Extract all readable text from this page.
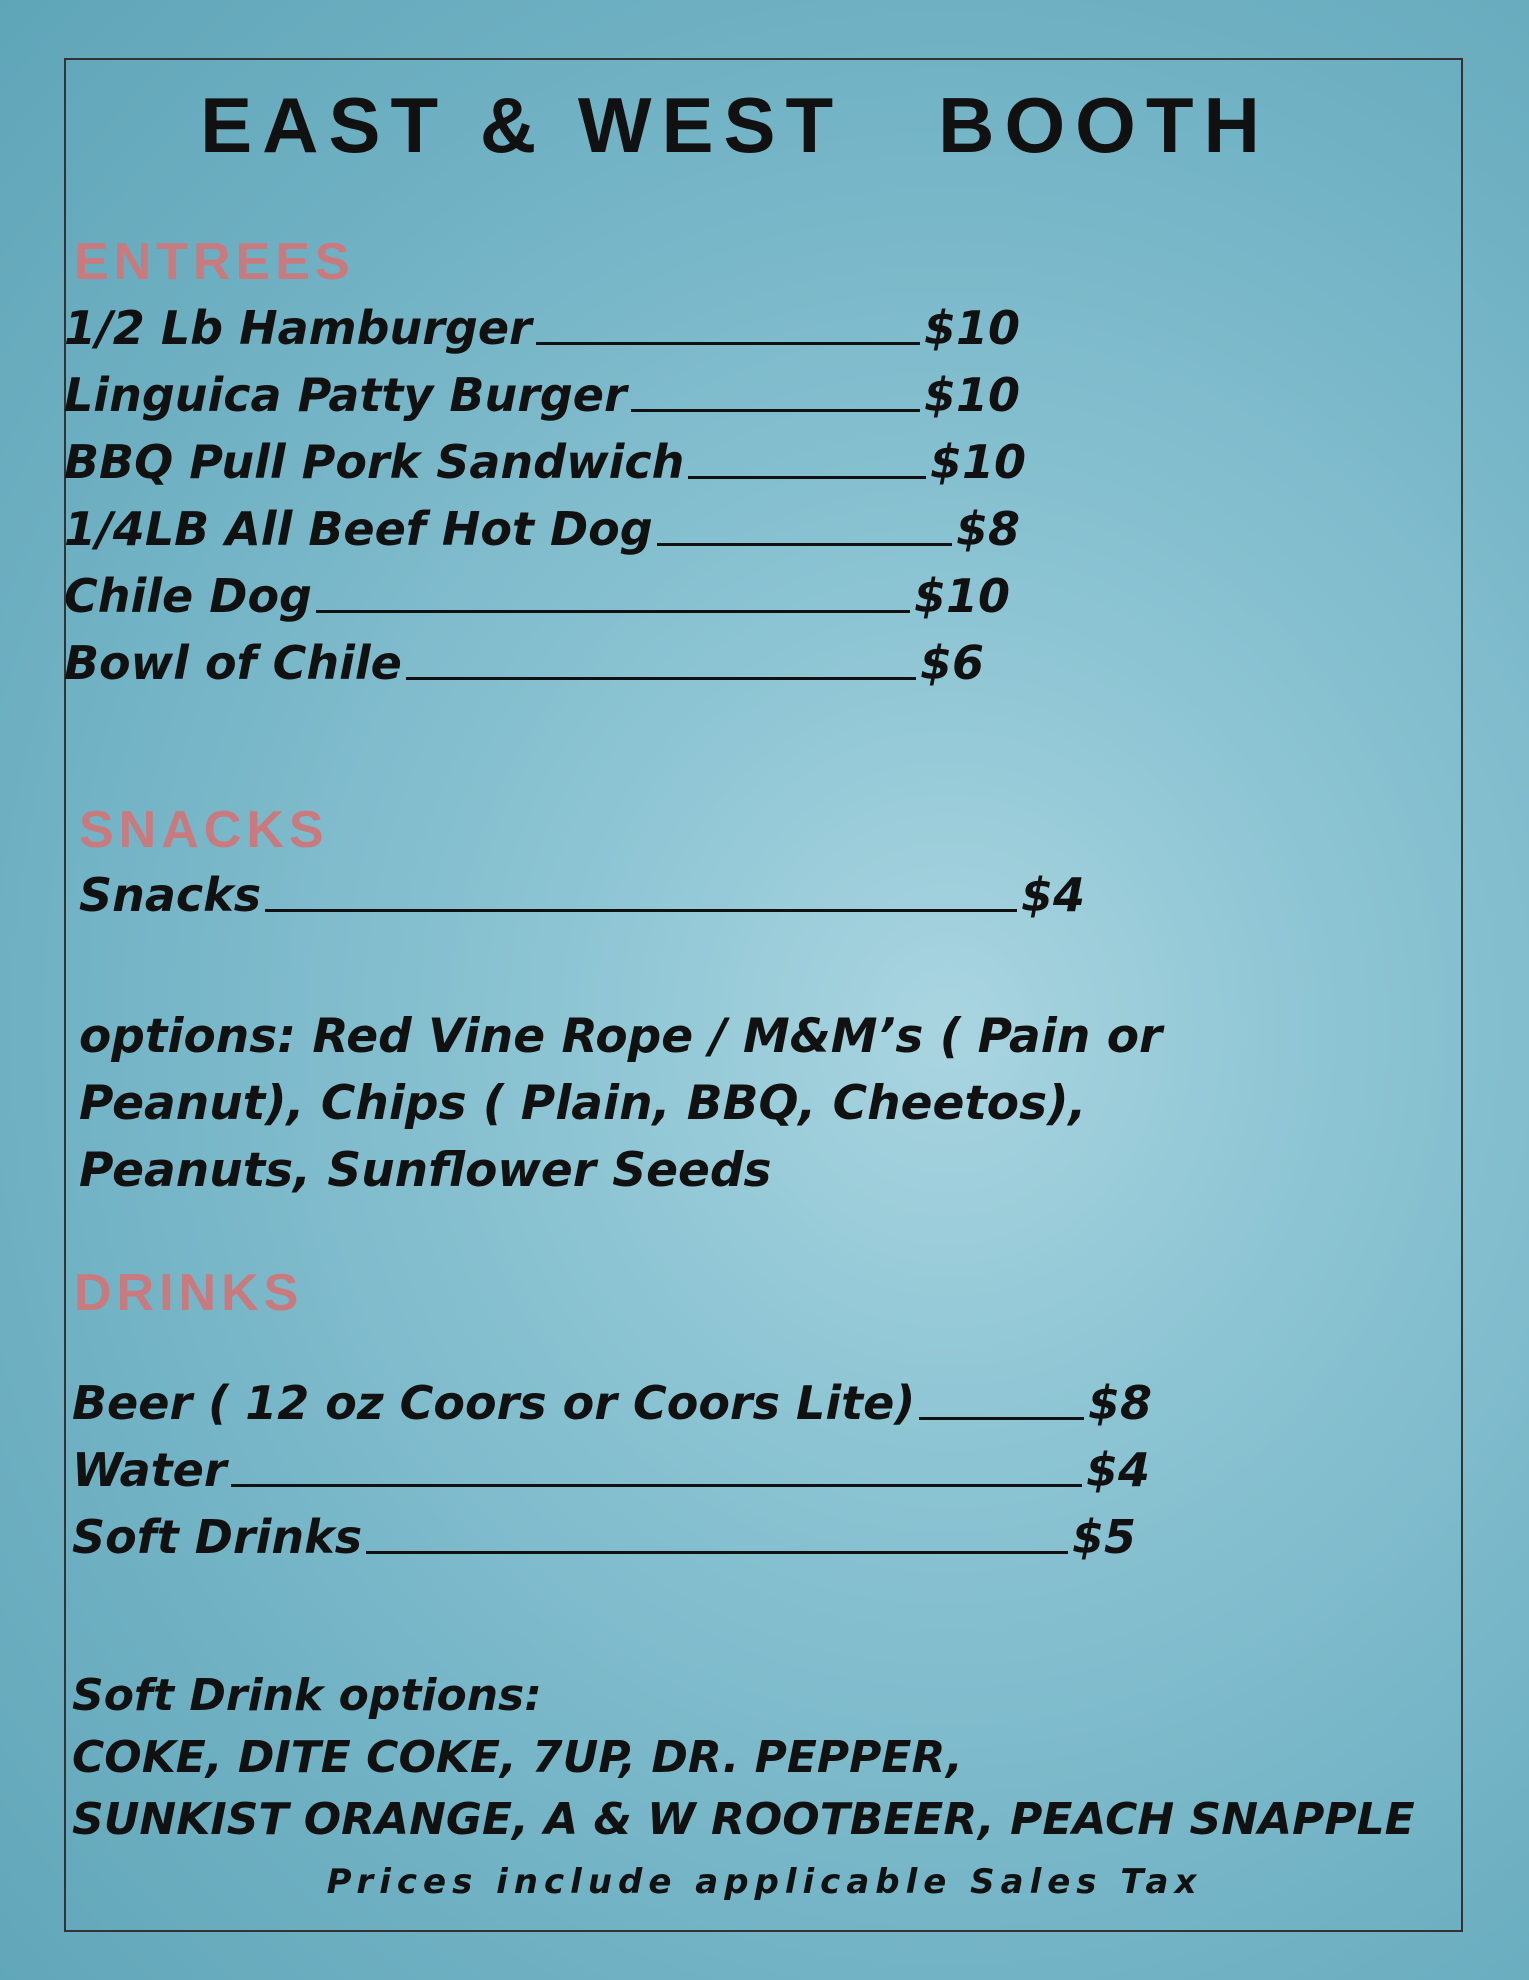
EAST & WEST   BOOTH
ENTREES
1/2 Lb Hamburger	$10
Linguica Patty Burger	$10
BBQ Pull Pork Sandwich	$10
1/4LB All Beef Hot Dog	$8
Chile Dog	$10
Bowl of Chile	$6
SNACKS
Snacks	$4
options: Red Vine Rope / M&M’s ( Pain or
Peanut), Chips ( Plain, BBQ, Cheetos),
Peanuts, Sunflower Seeds
DRINKS
Beer ( 12 oz Coors or Coors Lite)	$8
Water	$4
Soft Drinks	$5
Soft Drink options:
COKE, DITE COKE, 7UP, DR. PEPPER,
SUNKIST ORANGE, A & W ROOTBEER, PEACH SNAPPLE

Prices include applicable Sales Tax
